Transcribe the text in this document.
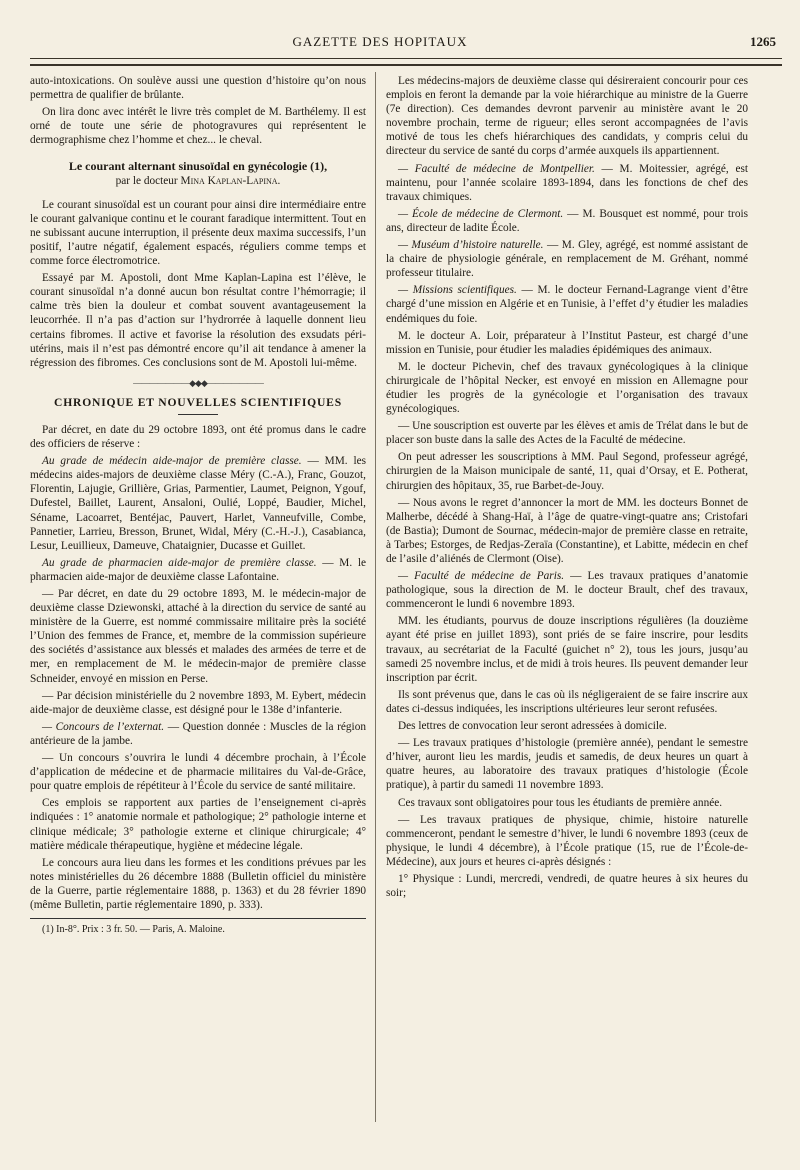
GAZETTE DES HOPITAUX	1265

auto-intoxications. On soulève aussi une question d’histoire qu’on nous permettra de qualifier de brûlante.

On lira donc avec intérêt le livre très complet de M. Barthélemy. Il est orné de toute une série de photogravures qui représentent le dermographisme chez l’homme et chez... le cheval.

Le courant alternant sinusoïdal en gynécologie (1),

par le docteur Mina Kaplan-Lapina.

Le courant sinusoïdal est un courant pour ainsi dire intermédiaire entre le courant galvanique continu et le courant faradique intermittent. Tout en ne subissant aucune interruption, il présente deux maxima successifs, l’un positif, l’autre négatif, également espacés, réguliers comme temps et comme force électromotrice.

Essayé par M. Apostoli, dont Mme Kaplan-Lapina est l’élève, le courant sinusoïdal n’a donné aucun bon résultat contre l’hémorragie; il calme très bien la douleur et combat souvent avantageusement la leucorrhée. Il n’a pas d’action sur l’hydrorrée à laquelle donnent lieu certains fibromes. Il active et favorise la résolution des exsudats péri-utérins, mais il n’est pas démontré encore qu’il ait tendance à amener la régression des fibromes. Ces conclusions sont de M. Apostoli lui-même.

———————◆◆◆———————

CHRONIQUE ET NOUVELLES SCIENTIFIQUES

Par décret, en date du 29 octobre 1893, ont été promus dans le cadre des officiers de réserve :

Au grade de médecin aide-major de première classe. — MM. les médecins aides-majors de deuxième classe Méry (C.-A.), Franc, Gouzot, Florentin, Lajugie, Grillière, Grias, Parmentier, Laumet, Peignon, Ygouf, Dufestel, Baillet, Laurent, Ansaloni, Oulié, Loppé, Baudier, Michel, Séname, Lacoarret, Bentéjac, Pauvert, Harlet, Vanneufville, Combe, Pannetier, Larrieu, Bresson, Brunet, Widal, Méry (C.-H.-J.), Casabianca, Lesur, Leuillieux, Dameuve, Chataignier, Ducasse et Guillet.

Au grade de pharmacien aide-major de première classe. — M. le pharmacien aide-major de deuxième classe Lafontaine.

— Par décret, en date du 29 octobre 1893, M. le médecin-major de deuxième classe Dziewonski, attaché à la direction du service de santé au ministère de la Guerre, est nommé commissaire militaire près la société l’Union des femmes de France, et, membre de la commission supérieure des sociétés d’assistance aux blessés et malades des armées de terre et de mer, en remplacement de M. le médecin-major de première classe Schneider, envoyé en mission en Perse.

— Par décision ministérielle du 2 novembre 1893, M. Eybert, médecin aide-major de deuxième classe, est désigné pour le 138e d’infanterie.

— Concours de l’externat. — Question donnée : Muscles de la région antérieure de la jambe.

— Un concours s’ouvrira le lundi 4 décembre prochain, à l’École d’application de médecine et de pharmacie militaires du Val-de-Grâce, pour quatre emplois de répétiteur à l’École du service de santé militaire.

Ces emplois se rapportent aux parties de l’enseignement ci-après indiquées : 1° anatomie normale et pathologique; 2° pathologie interne et clinique médicale; 3° pathologie externe et clinique chirurgicale; 4° matière médicale thérapeutique, hygiène et médecine légale.

Le concours aura lieu dans les formes et les conditions prévues par les notes ministérielles du 26 décembre 1888 (Bulletin officiel du ministère de la Guerre, partie réglementaire 1888, p. 1363) et du 28 février 1890 (même Bulletin, partie réglementaire 1890, p. 333).

(1) In-8°. Prix : 3 fr. 50. — Paris, A. Maloine.

Les médecins-majors de deuxième classe qui désireraient concourir pour ces emplois en feront la demande par la voie hiérarchique au ministre de la Guerre (7e direction). Ces demandes devront parvenir au ministère avant le 20 novembre prochain, terme de rigueur; elles seront accompagnées de l’avis motivé de tous les chefs hiérarchiques des candidats, y compris celui du directeur du service de santé du corps d’armée auxquels ils appartiennent.

— Faculté de médecine de Montpellier. — M. Moitessier, agrégé, est maintenu, pour l’année scolaire 1893-1894, dans les fonctions de chef des travaux chimiques.

— École de médecine de Clermont. — M. Bousquet est nommé, pour trois ans, directeur de ladite École.

— Muséum d’histoire naturelle. — M. Gley, agrégé, est nommé assistant de la chaire de physiologie générale, en remplacement de M. Gréhant, nommé professeur titulaire.

— Missions scientifiques. — M. le docteur Fernand-Lagrange vient d’être chargé d’une mission en Algérie et en Tunisie, à l’effet d’y étudier les maladies endémiques du foie.

M. le docteur A. Loir, préparateur à l’Institut Pasteur, est chargé d’une mission en Tunisie, pour étudier les maladies épidémiques des animaux.

M. le docteur Pichevin, chef des travaux gynécologiques à la clinique chirurgicale de l’hôpital Necker, est envoyé en mission en Allemagne pour étudier les progrès de la gynécologie et l’organisation des travaux gynécologiques.

— Une souscription est ouverte par les élèves et amis de Trélat dans le but de placer son buste dans la salle des Actes de la Faculté de médecine.

On peut adresser les souscriptions à MM. Paul Segond, professeur agrégé, chirurgien de la Maison municipale de santé, 11, quai d’Orsay, et E. Potherat, chirurgien des hôpitaux, 35, rue Barbet-de-Jouy.

— Nous avons le regret d’annoncer la mort de MM. les docteurs Bonnet de Malherbe, décédé à Shang-Haï, à l’âge de quatre-vingt-quatre ans; Cristofari (de Bastia); Dumont de Sournac, médecin-major de première classe en retraite, à Tarbes; Estorges, de Redjas-Zeraïa (Constantine), et Labitte, médecin en chef de l’asile d’aliénés de Clermont (Oise).

— Faculté de médecine de Paris. — Les travaux pratiques d’anatomie pathologique, sous la direction de M. le docteur Brault, chef des travaux, commenceront le lundi 6 novembre 1893.

MM. les étudiants, pourvus de douze inscriptions régulières (la douzième ayant été prise en juillet 1893), sont priés de se faire inscrire, pour lesdits travaux, au secrétariat de la Faculté (guichet n° 2), tous les jours, jusqu’au samedi 25 novembre inclus, et de midi à trois heures. Ils peuvent demander leur inscription par écrit.

Ils sont prévenus que, dans le cas où ils négligeraient de se faire inscrire aux dates ci-dessus indiquées, les inscriptions ultérieures leur seront refusées.

Des lettres de convocation leur seront adressées à domicile.

— Les travaux pratiques d’histologie (première année), pendant le semestre d’hiver, auront lieu les mardis, jeudis et samedis, de deux heures un quart à quatre heures, au laboratoire des travaux pratiques d’histologie (École pratique), à partir du samedi 11 novembre 1893.

Ces travaux sont obligatoires pour tous les étudiants de première année.

— Les travaux pratiques de physique, chimie, histoire naturelle commenceront, pendant le semestre d’hiver, le lundi 6 novembre 1893 (ceux de physique, le lundi 4 décembre), à l’École pratique (15, rue de l’École-de-Médecine), aux jours et heures ci-après désignés :

1° Physique : Lundi, mercredi, vendredi, de quatre heures à six heures du soir;
